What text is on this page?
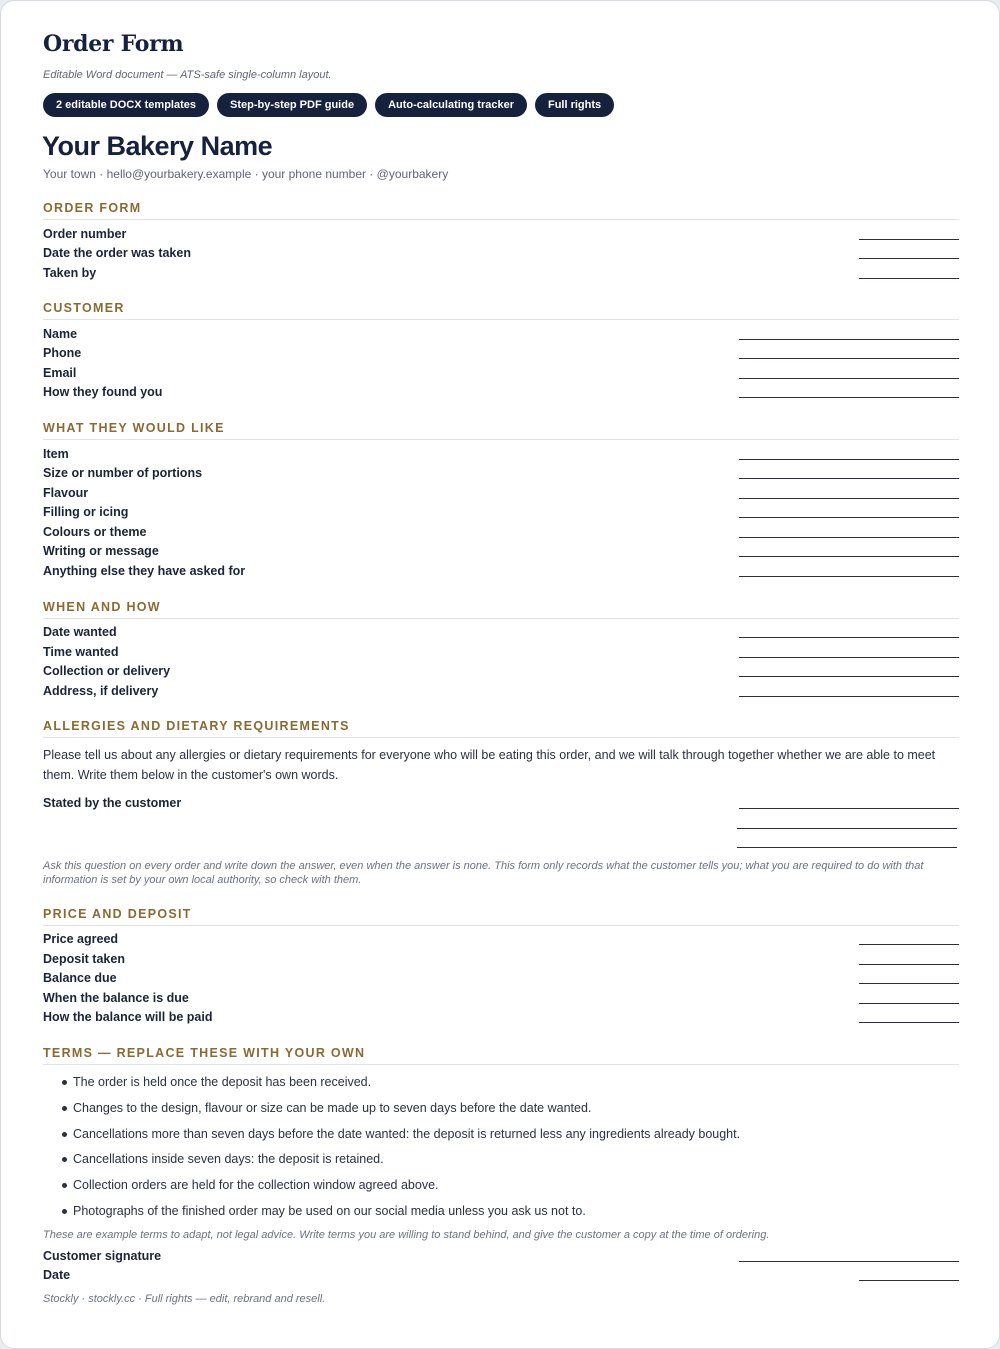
Order Form
Editable Word document — ATS-safe single-column layout.
2 editable DOCX templates	Step-by-step PDF guide	Auto-calculating tracker	Full rights
Your Bakery Name
Your town · hello@yourbakery.example · your phone number · @yourbakery
ORDER FORM
Order number
Date the order was taken
Taken by
CUSTOMER
Name
Phone
Email
How they found you
WHAT THEY WOULD LIKE
Item
Size or number of portions
Flavour
Filling or icing
Colours or theme
Writing or message
Anything else they have asked for
WHEN AND HOW
Date wanted
Time wanted
Collection or delivery
Address, if delivery
ALLERGIES AND DIETARY REQUIREMENTS
Please tell us about any allergies or dietary requirements for everyone who will be eating this order, and we will talk through together whether we are able to meet them. Write them below in the customer's own words.
Stated by the customer
Ask this question on every order and write down the answer, even when the answer is none. This form only records what the customer tells you; what you are required to do with that information is set by your own local authority, so check with them.
PRICE AND DEPOSIT
Price agreed
Deposit taken
Balance due
When the balance is due
How the balance will be paid
TERMS — REPLACE THESE WITH YOUR OWN
The order is held once the deposit has been received.
Changes to the design, flavour or size can be made up to seven days before the date wanted.
Cancellations more than seven days before the date wanted: the deposit is returned less any ingredients already bought.
Cancellations inside seven days: the deposit is retained.
Collection orders are held for the collection window agreed above.
Photographs of the finished order may be used on our social media unless you ask us not to.
These are example terms to adapt, not legal advice. Write terms you are willing to stand behind, and give the customer a copy at the time of ordering.
Customer signature
Date
Stockly · stockly.cc · Full rights — edit, rebrand and resell.
